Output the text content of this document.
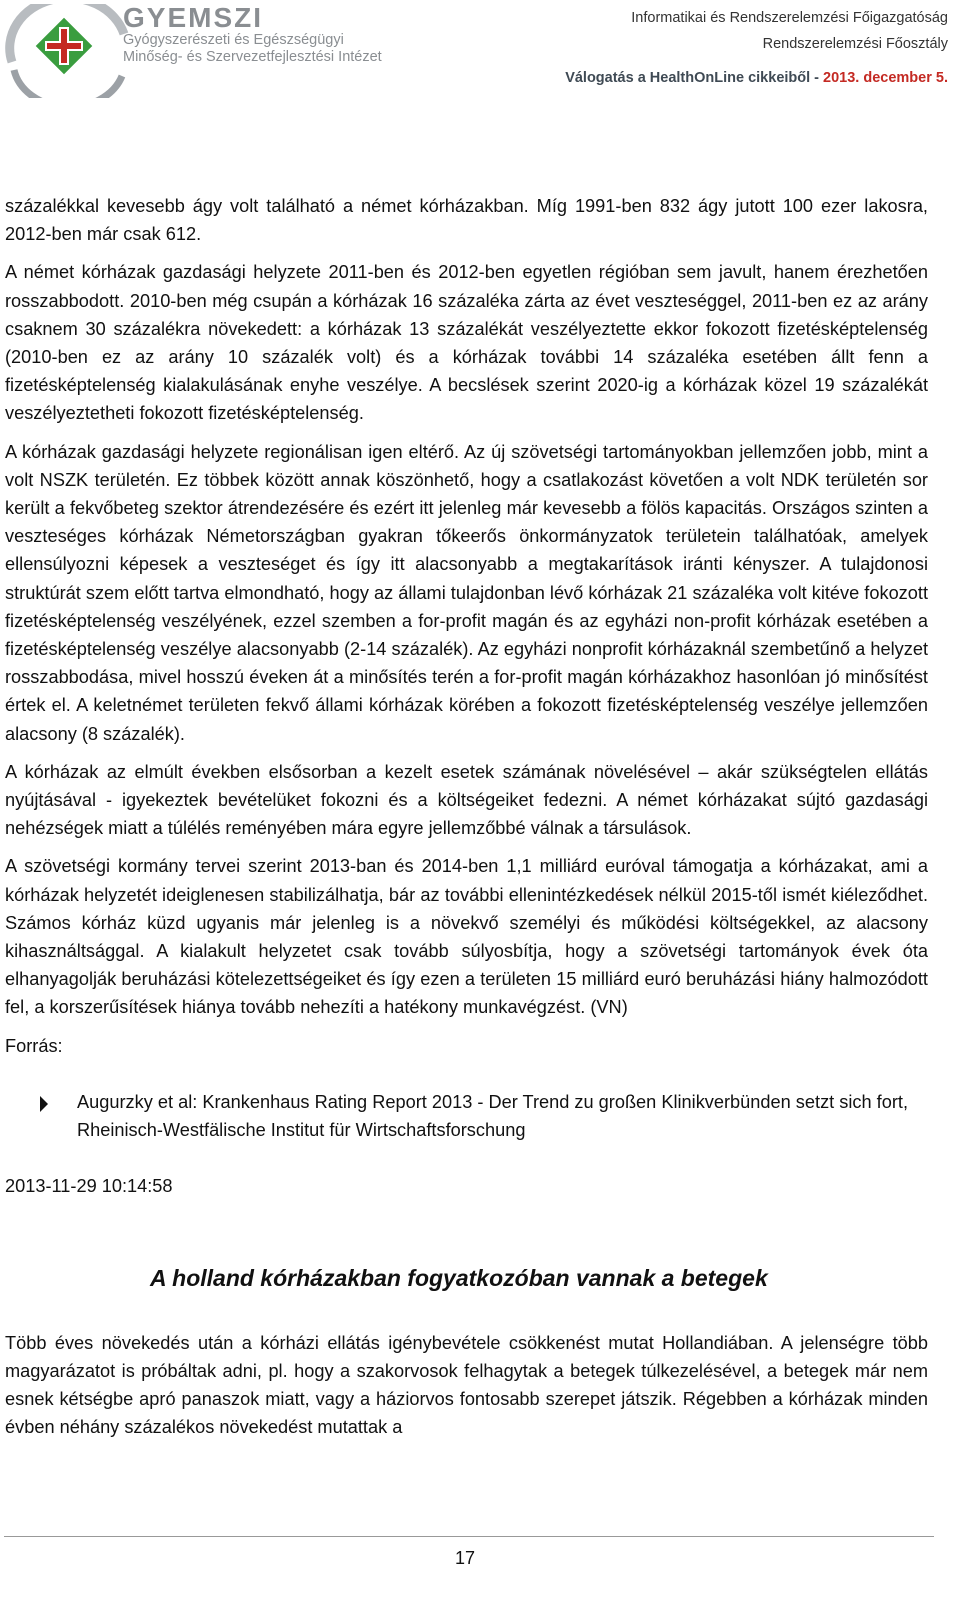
GYEMSZI
Gyógyszerészeti és Egészségügyi
Minőség- és Szervezetfejlesztési Intézet
Informatikai és Rendszerelemzési Főigazgatóság
Rendszerelemzési Főosztály
Válogatás a HealthOnLine cikkeiből - 2013. december 5.

százalékkal kevesebb ágy volt található a német kórházakban. Míg 1991-ben 832 ágy jutott 100 ezer lakosra, 2012-ben már csak 612.

A német kórházak gazdasági helyzete 2011-ben és 2012-ben egyetlen régióban sem javult, hanem érezhetően rosszabbodott. 2010-ben még csupán a kórházak 16 százaléka zárta az évet veszteséggel, 2011-ben ez az arány csaknem 30 százalékra növekedett: a kórházak 13 százalékát veszélyeztette ekkor fokozott fizetésképtelenség (2010-ben ez az arány 10 százalék volt) és a kórházak további 14 százaléka esetében állt fenn a fizetésképtelenség kialakulásának enyhe veszélye. A becslések szerint 2020-ig a kórházak közel 19 százalékát veszélyeztetheti fokozott fizetésképtelenség.

A kórházak gazdasági helyzete regionálisan igen eltérő. Az új szövetségi tartományokban jellemzően jobb, mint a volt NSZK területén. Ez többek között annak köszönhető, hogy a csatlakozást követően a volt NDK területén sor került a fekvőbeteg szektor átrendezésére és ezért itt jelenleg már kevesebb a fölös kapacitás. Országos szinten a veszteséges kórházak Németországban gyakran tőkeerős önkormányzatok területein találhatóak, amelyek ellensúlyozni képesek a veszteséget és így itt alacsonyabb a megtakarítások iránti kényszer. A tulajdonosi struktúrát szem előtt tartva elmondható, hogy az állami tulajdonban lévő kórházak 21 százaléka volt kitéve fokozott fizetésképtelenség veszélyének, ezzel szemben a for-profit magán és az egyházi non-profit kórházak esetében a fizetésképtelenség veszélye alacsonyabb (2-14 százalék). Az egyházi nonprofit kórházaknál szembetűnő a helyzet rosszabbodása, mivel hosszú éveken át a minősítés terén a for-profit magán kórházakhoz hasonlóan jó minősítést értek el. A keletnémet területen fekvő állami kórházak körében a fokozott fizetésképtelenség veszélye jellemzően alacsony (8 százalék).

A kórházak az elmúlt években elsősorban a kezelt esetek számának növelésével – akár szükségtelen ellátás nyújtásával - igyekeztek bevételüket fokozni és a költségeiket fedezni. A német kórházakat sújtó gazdasági nehézségek miatt a túlélés reményében mára egyre jellemzőbbé válnak a társulások.

A szövetségi kormány tervei szerint 2013-ban és 2014-ben 1,1 milliárd euróval támogatja a kórházakat, ami a kórházak helyzetét ideiglenesen stabilizálhatja, bár az további ellenintézkedések nélkül 2015-től ismét kiéleződhet. Számos kórház küzd ugyanis már jelenleg is a növekvő személyi és működési költségekkel, az alacsony kihasználtsággal. A kialakult helyzetet csak tovább súlyosbítja, hogy a szövetségi tartományok évek óta elhanyagolják beruházási kötelezettségeiket és így ezen a területen 15 milliárd euró beruházási hiány halmozódott fel, a korszerűsítések hiánya tovább nehezíti a hatékony munkavégzést. (VN)

Forrás:

Augurzky et al: Krankenhaus Rating Report 2013 - Der Trend zu großen Klinikverbünden setzt sich fort, Rheinisch-Westfälische Institut für Wirtschaftsforschung

2013-11-29 10:14:58

A holland kórházakban fogyatkozóban vannak a betegek

Több éves növekedés után a kórházi ellátás igénybevétele csökkenést mutat Hollandiában. A jelenségre több magyarázatot is próbáltak adni, pl. hogy a szakorvosok felhagytak a betegek túlkezelésével, a betegek már nem esnek kétségbe apró panaszok miatt, vagy a háziorvos fontosabb szerepet játszik. Régebben a kórházak minden évben néhány százalékos növekedést mutattak a

17
